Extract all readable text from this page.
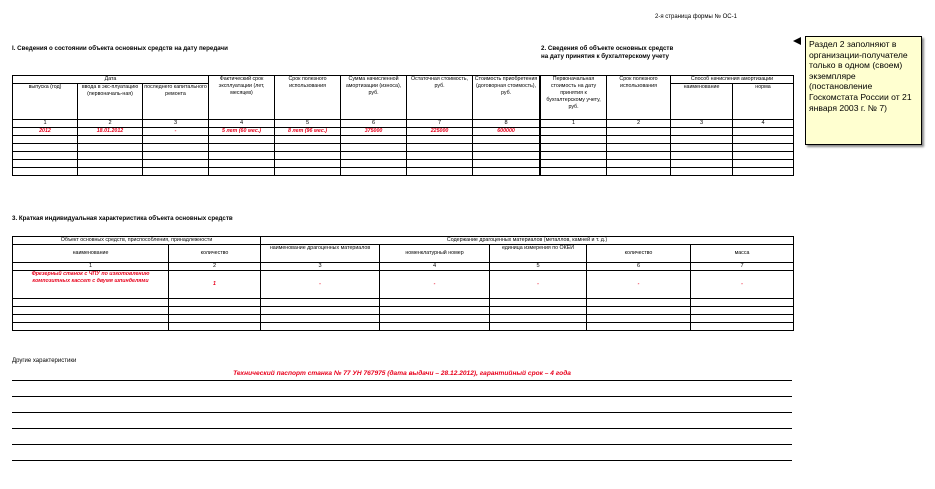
2-я страница формы № ОС-1
I. Сведения о состоянии объекта основных средств на дату передачи	2. Сведения об объекте основных средств
на дату принятия к бухгалтерскому учету
Дата			Фактический срок эксплуатации (лет, месяцев)	Срок полезного использования	Сумма начисленной амортизации (износа), руб.	Остаточная стоимость, руб.	Стоимость приобретения (договорная стоимость), руб.
выпуска (год)	ввода в экс-плуатацию (первоначаль-ная)	последнего капитального ремонта					
1	2	3	4	5	6	7	8
2012	18.01.2012	-	5 лет (60 мес.)	8 лет (96 мес.)	375000	225000	600000

Первоначальная стоимость на дату принятия к бухгалтерскому учету, руб.	Срок полезного использования	Способ начисления амортизации	
		наименование	норма
1	2	3	4

Раздел 2 заполняют в организации-получателе только в одном (своем) экземпляре (постановление Госкомстата России от 21 января 2003 г. № 7)
3. Краткая индивидуальная характеристика объекта основных средств
Объект основных средств, приспособления, принадлежности		Содержание драгоценных материалов (металлов, камней и т. д.)				
наименование	количество	наименование драгоценных материалов	номенклатурный номер	единица измерения по ОКЕИ	количество	масса
1	2	3	4	5	6	7
Фрезерный станок с ЧПУ по изготовлению композитных кассет с двумя шпинделями	1	-	-	-	-	-

Другие характеристики
Технический паспорт станка № 77 УН 767975 (дата выдачи – 28.12.2012), гарантийный срок – 4 года
